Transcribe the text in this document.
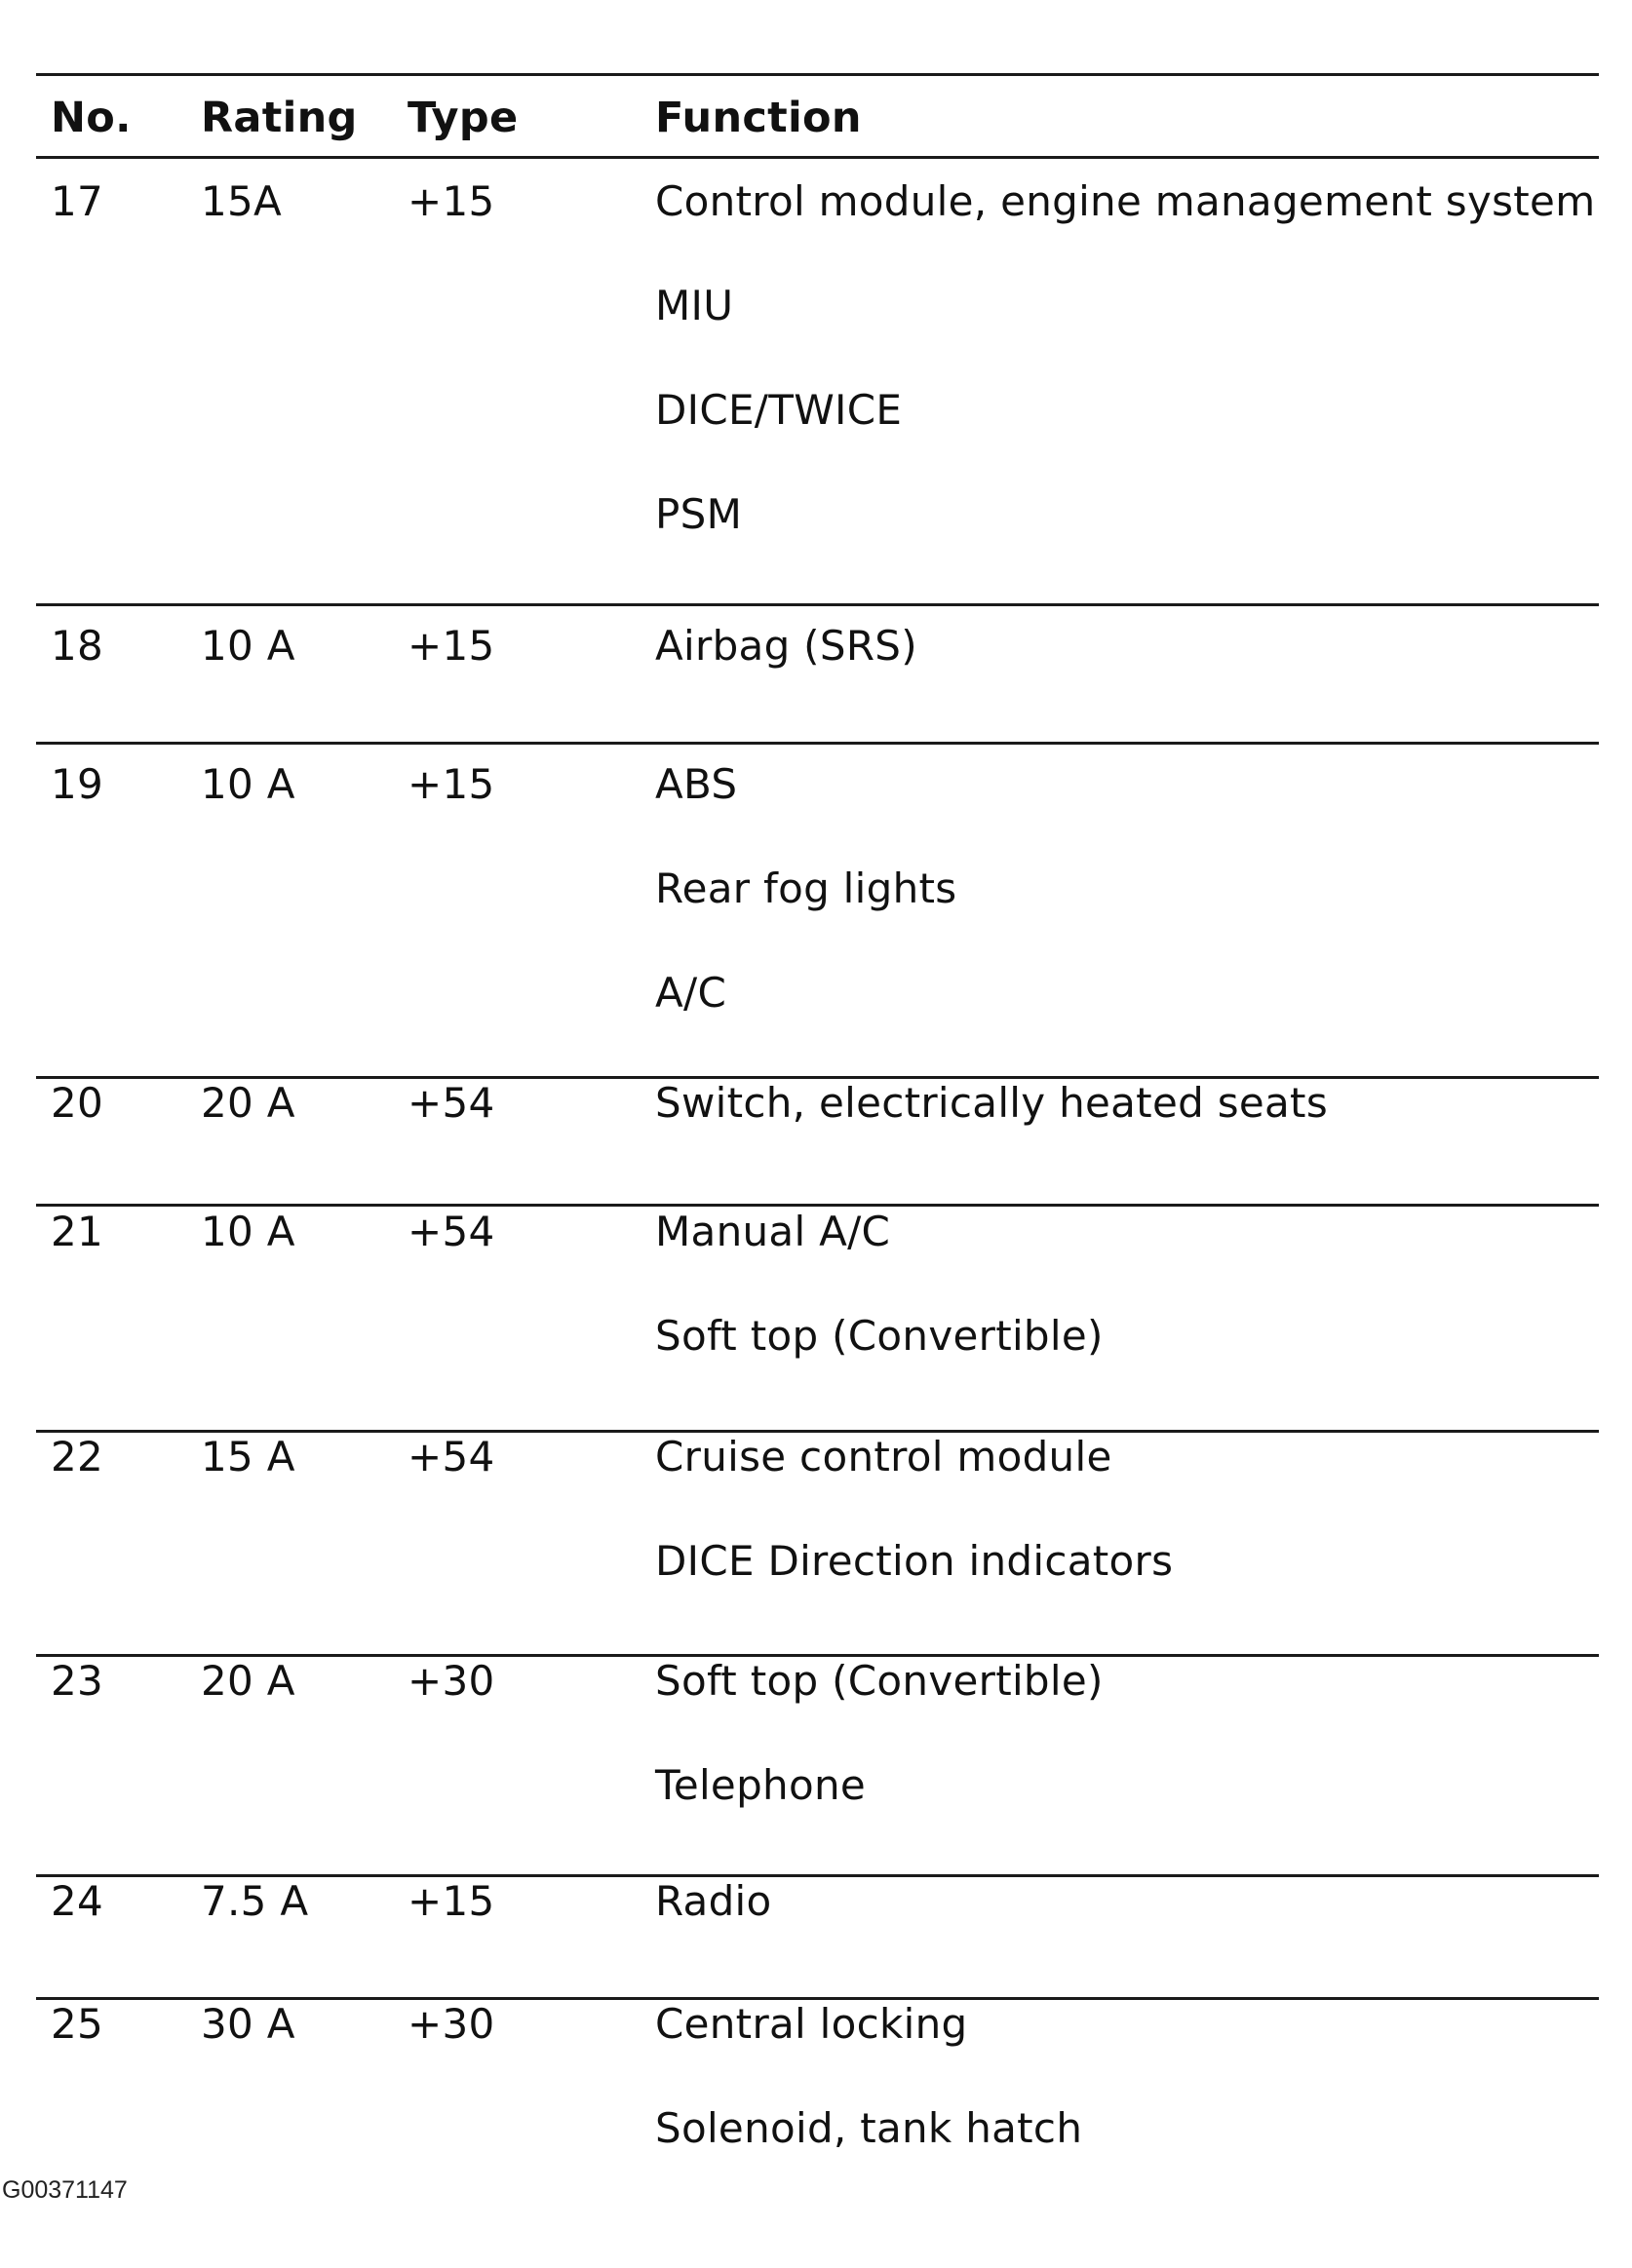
No. Rating Type	Function
17 15A	+15	Control module, engine management system
MIU
DICE/TWICE
PSM
18 10 A	+15	Airbag (SRS)
19 10 A	+15	ABS
Rear fog lights
A/C
20 20 A	+54	Switch, electrically heated seats
21 10 A	+54	Manual A/C
Soft top (Convertible)
22 15 A	+54	Cruise control module
DICE Direction indicators
23 20 A	+30	Soft top (Convertible)
Telephone
24 7.5 A +15	Radio
25 30 A	+30	Central locking
Solenoid, tank hatch
G00371147
